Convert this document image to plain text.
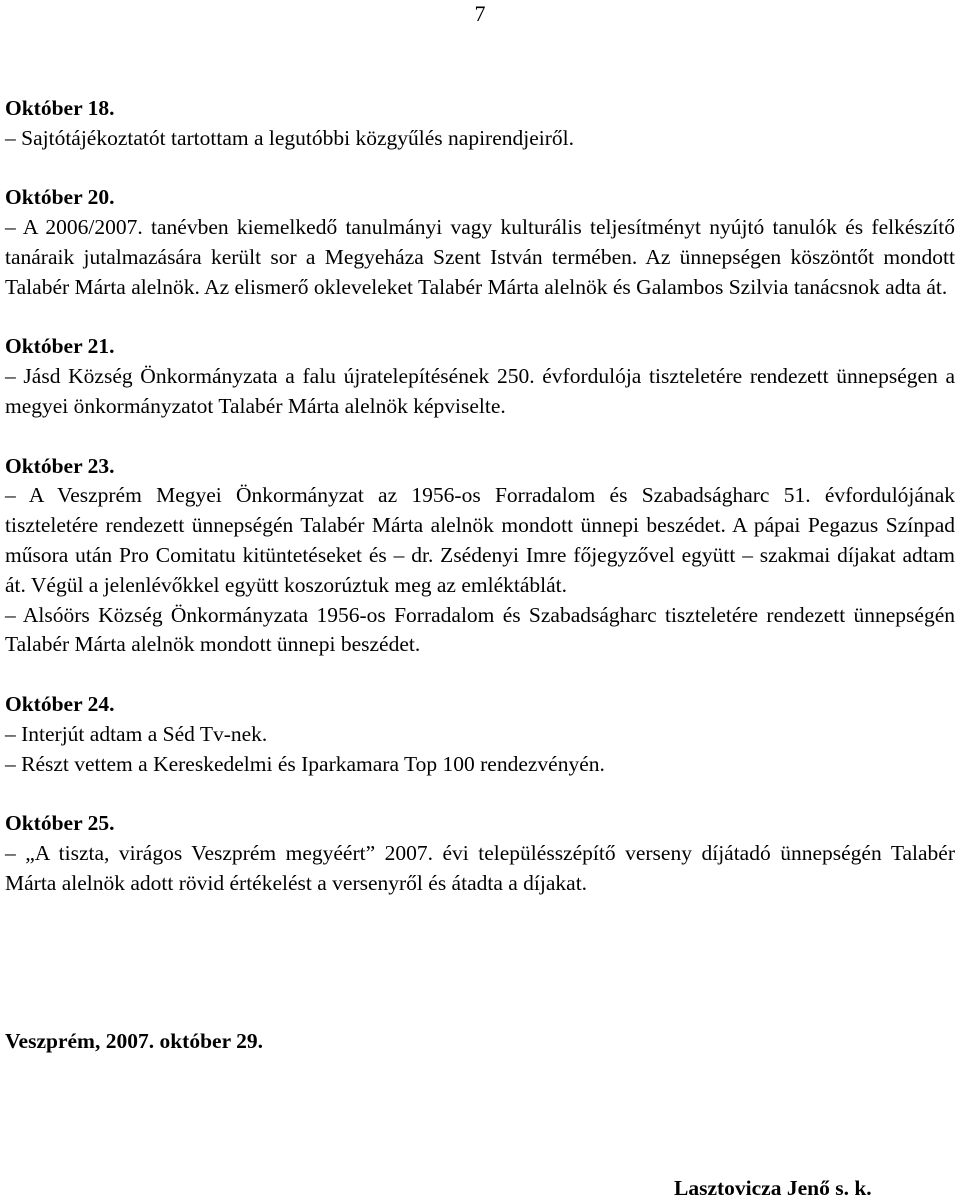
7

Október 18.

– Sajtótájékoztatót tartottam a legutóbbi közgyűlés napirendjeiről.

Október 20.

– A 2006/2007. tanévben kiemelkedő tanulmányi vagy kulturális teljesítményt nyújtó tanulók és felkészítő tanáraik jutalmazására került sor a Megyeháza Szent István termében. Az ünnepségen köszöntőt mondott Talabér Márta alelnök. Az elismerő okleveleket Talabér Márta alelnök és Galambos Szilvia tanácsnok adta át.

Október 21.

– Jásd Község Önkormányzata a falu újratelepítésének 250. évfordulója tiszteletére rendezett ünnepségen a megyei önkormányzatot Talabér Márta alelnök képviselte.

Október 23.

– A Veszprém Megyei Önkormányzat az 1956-os Forradalom és Szabadságharc 51. évfordulójának tiszteletére rendezett ünnepségén Talabér Márta alelnök mondott ünnepi beszédet. A pápai Pegazus Színpad műsora után Pro Comitatu kitüntetéseket és – dr. Zsédenyi Imre főjegyzővel együtt – szakmai díjakat adtam át. Végül a jelenlévőkkel együtt koszorúztuk meg az emléktáblát.

– Alsóörs Község Önkormányzata 1956-os Forradalom és Szabadságharc tiszteletére rendezett ünnepségén Talabér Márta alelnök mondott ünnepi beszédet.

Október 24.

– Interjút adtam a Séd Tv-nek.

– Részt vettem a Kereskedelmi és Iparkamara Top 100 rendezvényén.

Október 25.

– „A tiszta, virágos Veszprém megyéért” 2007. évi településszépítő verseny díjátadó ünnepségén Talabér Márta alelnök adott rövid értékelést a versenyről és átadta a díjakat.

Veszprém, 2007. október 29.
Lasztovicza Jenő s. k.
